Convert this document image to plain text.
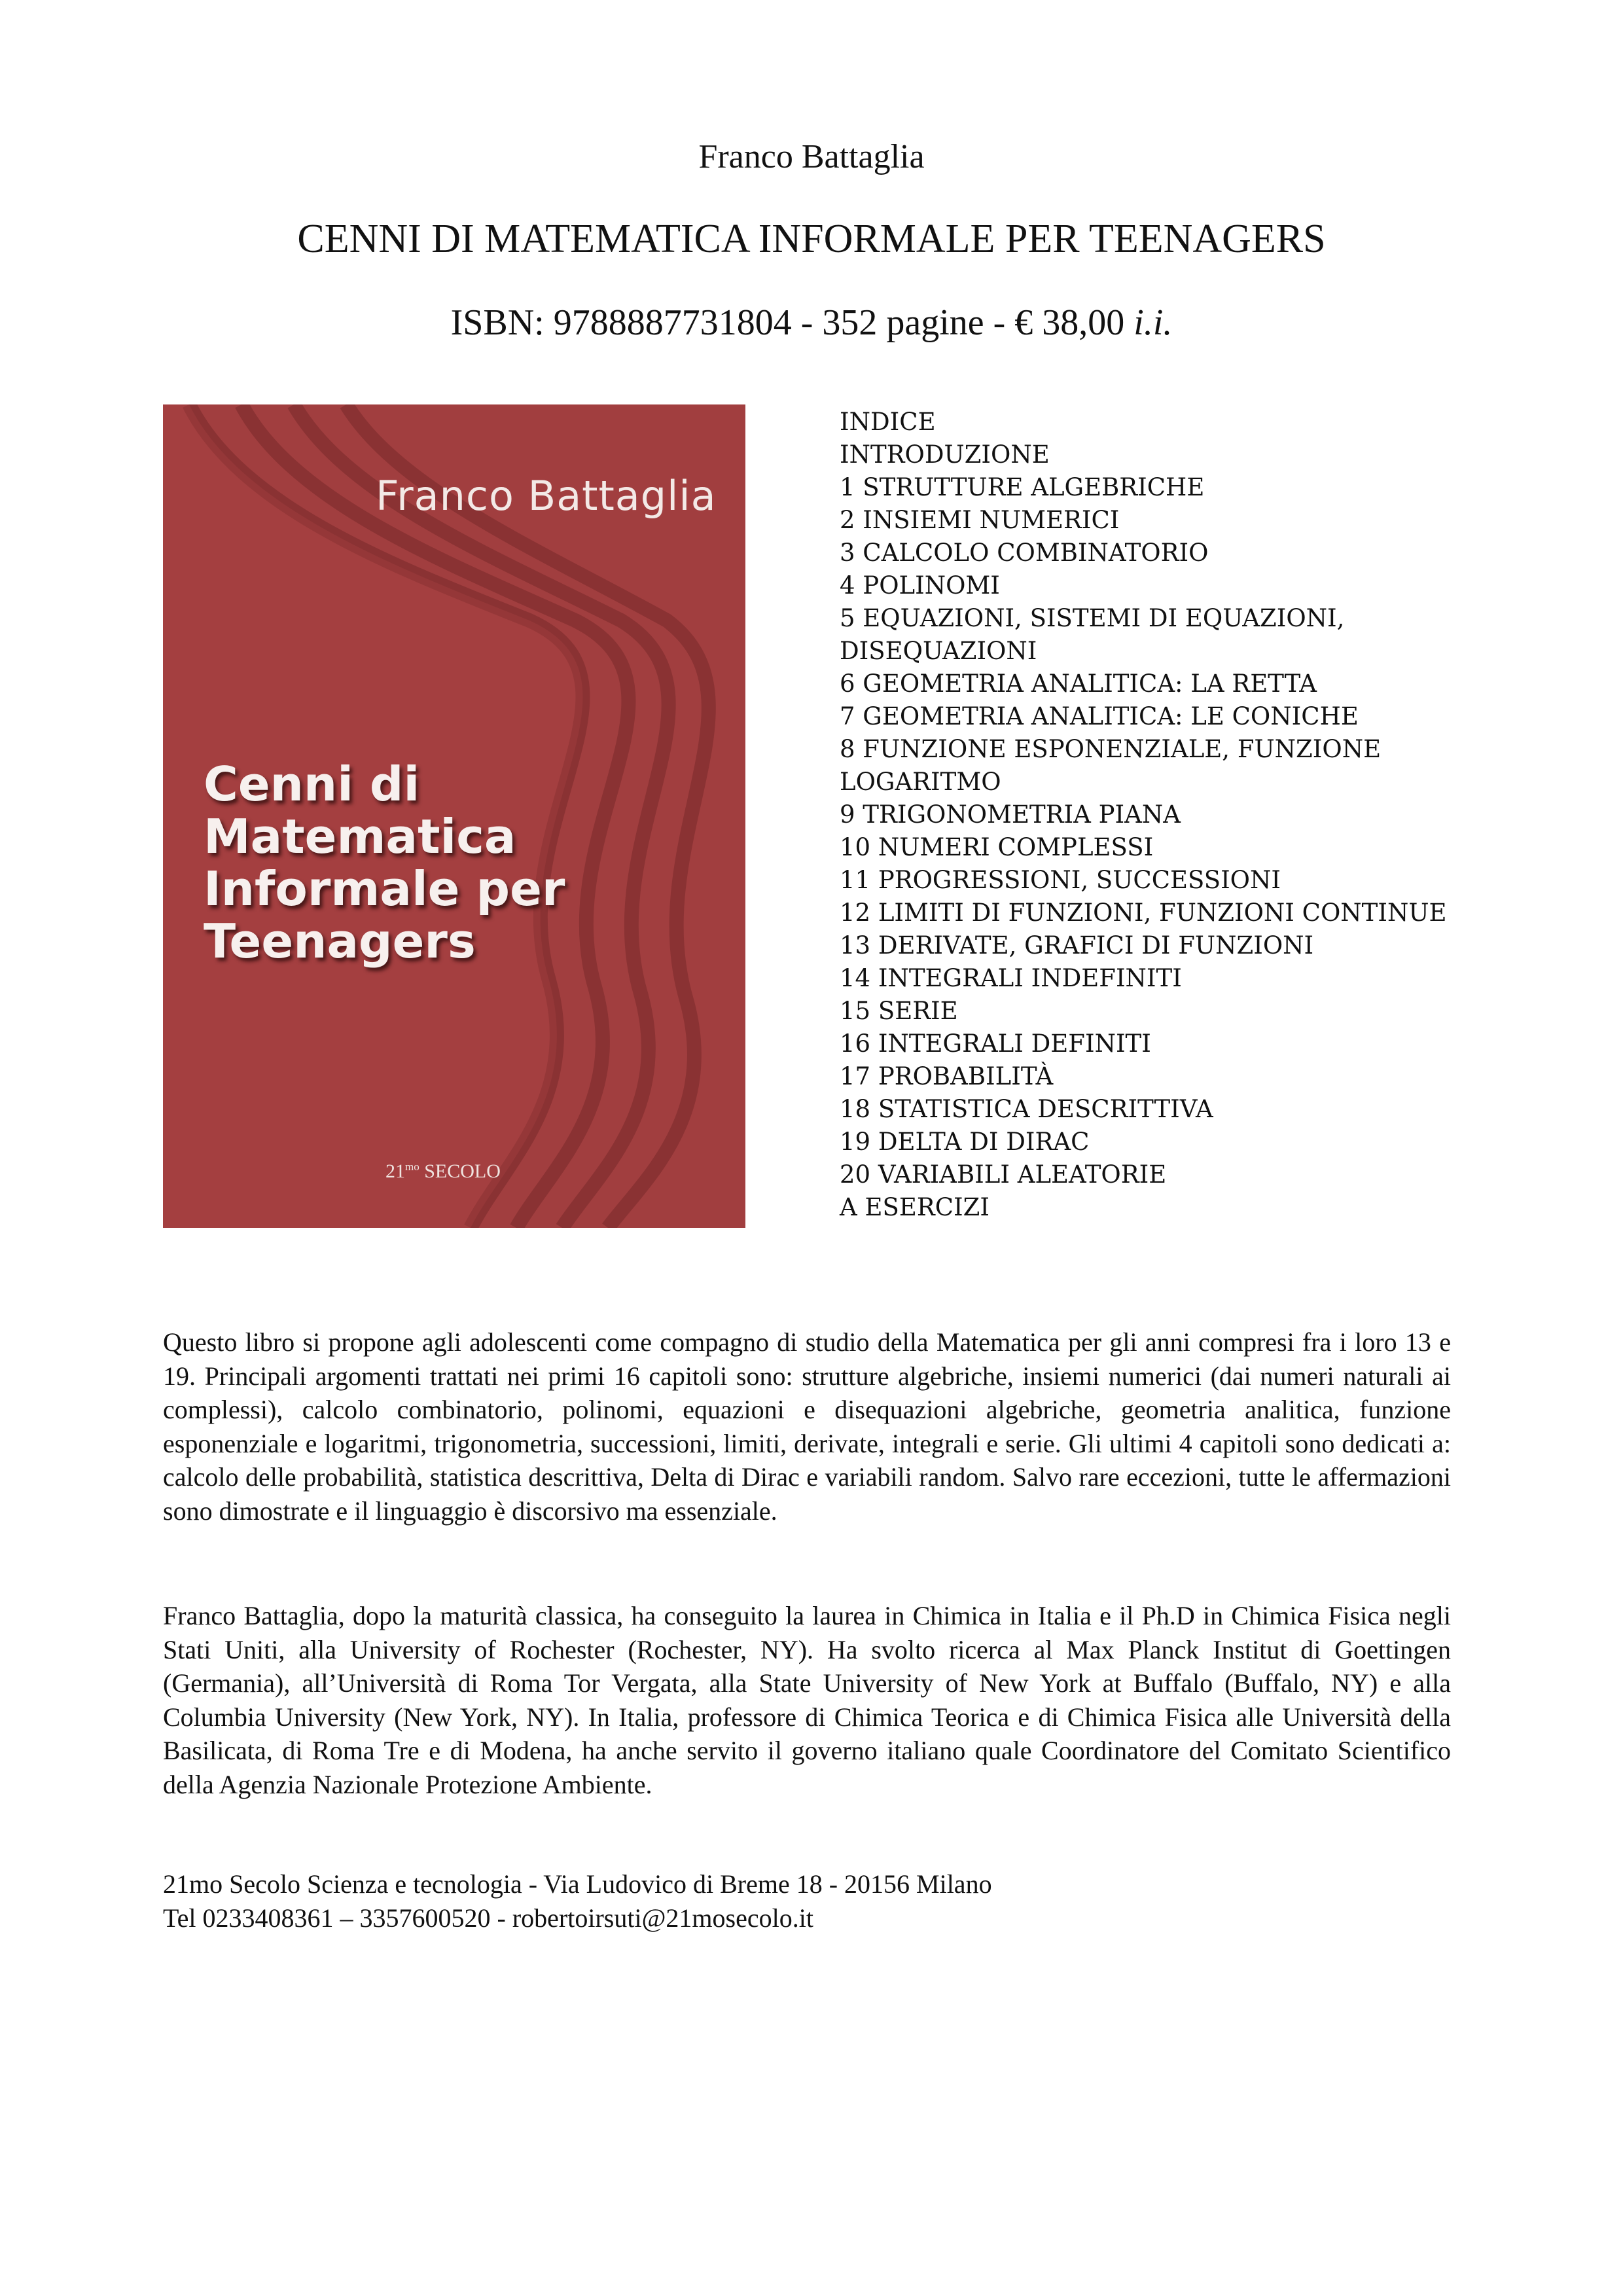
Franco Battaglia
CENNI DI MATEMATICA INFORMALE PER TEENAGERS
ISBN: 9788887731804 - 352 pagine - € 38,00 i.i.
Franco Battaglia
Cenni di
Matematica
Informale per
Teenagers
$21^{mo}$ SECOLO
INDICE
INTRODUZIONE
1 STRUTTURE ALGEBRICHE
2 INSIEMI NUMERICI
3 CALCOLO COMBINATORIO
4 POLINOMI
5 EQUAZIONI, SISTEMI DI EQUAZIONI,
DISEQUAZIONI
6 GEOMETRIA ANALITICA: LA RETTA
7 GEOMETRIA ANALITICA: LE CONICHE
8 FUNZIONE ESPONENZIALE, FUNZIONE
LOGARITMO
9 TRIGONOMETRIA PIANA
10 NUMERI COMPLESSI
11 PROGRESSIONI, SUCCESSIONI
12 LIMITI DI FUNZIONI, FUNZIONI CONTINUE
13 DERIVATE, GRAFICI DI FUNZIONI
14 INTEGRALI INDEFINITI
15 SERIE
16 INTEGRALI DEFINITI
17 PROBABILITÀ
18 STATISTICA DESCRITTIVA
19 DELTA DI DIRAC
20 VARIABILI ALEATORIE
A ESERCIZI

Questo libro si propone agli adolescenti come compagno di studio della Matematica per gli anni compresi fra i loro 13 e 19. Principali argomenti trattati nei primi 16 capitoli sono: strutture algebriche, insiemi numerici (dai numeri naturali ai complessi), calcolo combinatorio, polinomi, equazioni e disequazioni algebriche, geometria analitica, funzione esponenziale e logaritmi, trigonometria, successioni, limiti, derivate, integrali e serie. Gli ultimi 4 capitoli sono dedicati a: calcolo delle probabilità, statistica descrittiva, Delta di Dirac e variabili random. Salvo rare eccezioni, tutte le affermazioni sono dimostrate e il linguaggio è discorsivo ma essenziale.

Franco Battaglia, dopo la maturità classica, ha conseguito la laurea in Chimica in Italia e il Ph.D in Chimica Fisica negli Stati Uniti, alla University of Rochester (Rochester, NY). Ha svolto ricerca al Max Planck Institut di Goettingen (Germania), all’Università di Roma Tor Vergata, alla State University of New York at Buffalo (Buffalo, NY) e alla Columbia University (New York, NY). In Italia, professore di Chimica Teorica e di Chimica Fisica alle Università della Basilicata, di Roma Tre e di Modena, ha anche servito il governo italiano quale Coordinatore del Comitato Scientifico della Agenzia Nazionale Protezione Ambiente.

21mo Secolo Scienza e tecnologia - Via Ludovico di Breme 18 - 20156 Milano
Tel 0233408361 – 3357600520 - robertoirsuti@21mosecolo.it
